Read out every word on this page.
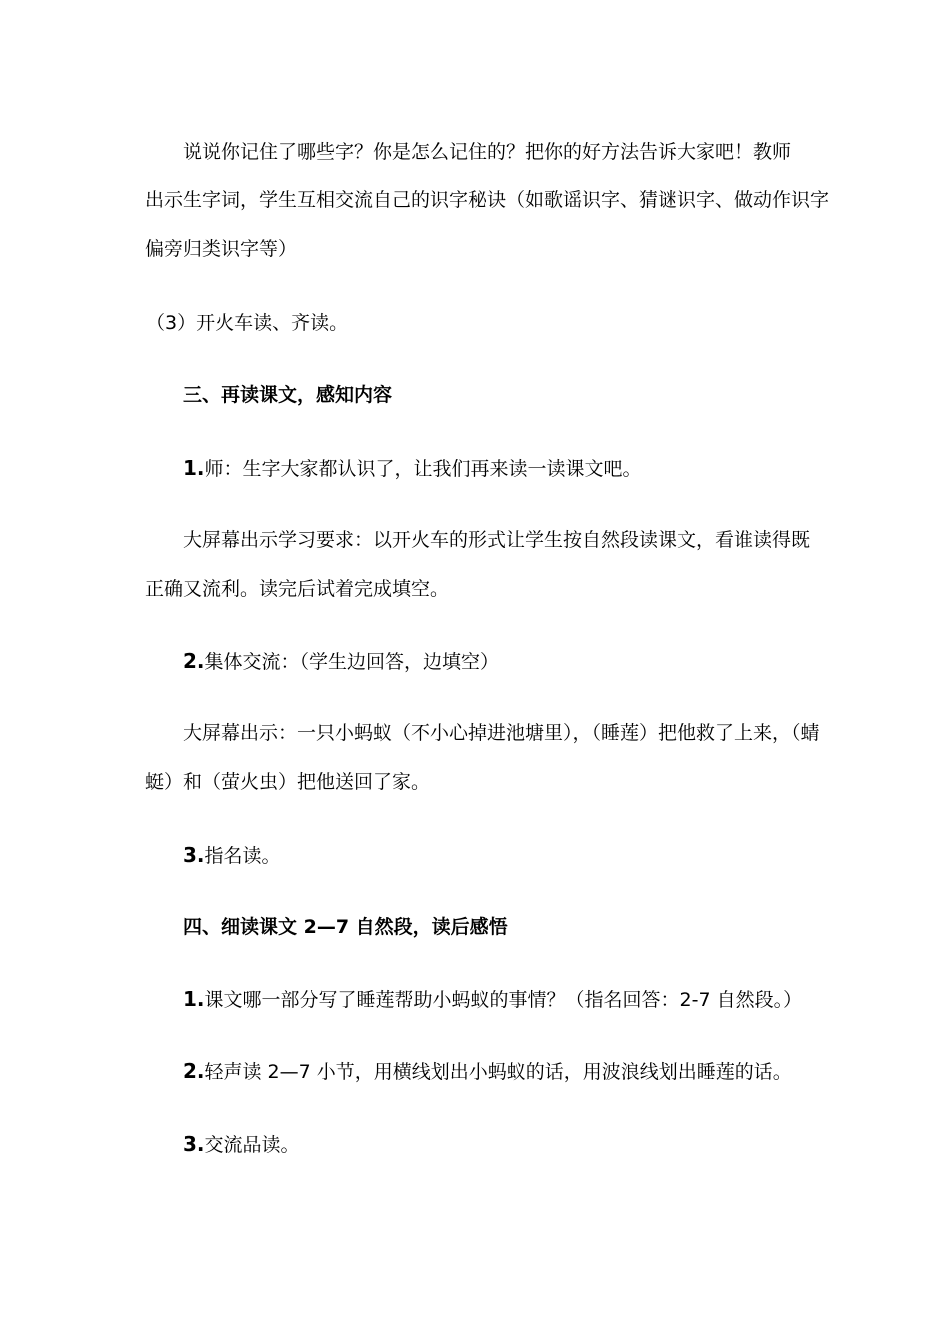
说说你记住了哪些字？你是怎么记住的？把你的好方法告诉大家吧！教师
出示生字词，学生互相交流自己的识字秘诀（如歌谣识字、猜谜识字、做动作识字
偏旁归类识字等）
（3）开火车读、齐读。
三、再读课文，感知内容
1.师：生字大家都认识了，让我们再来读一读课文吧。
大屏幕出示学习要求：以开火车的形式让学生按自然段读课文，看谁读得既
正确又流利。读完后试着完成填空。
2.集体交流：（学生边回答，边填空）
大屏幕出示：一只小蚂蚁（不小心掉进池塘里），（睡莲）把他救了上来，（蜻
蜓）和（萤火虫）把他送回了家。
3.指名读。
四、细读课文 2—7 自然段，读后感悟
1.课文哪一部分写了睡莲帮助小蚂蚁的事情？（指名回答：2-7 自然段。）
2.轻声读 2—7 小节，用横线划出小蚂蚁的话，用波浪线划出睡莲的话。
3.交流品读。
